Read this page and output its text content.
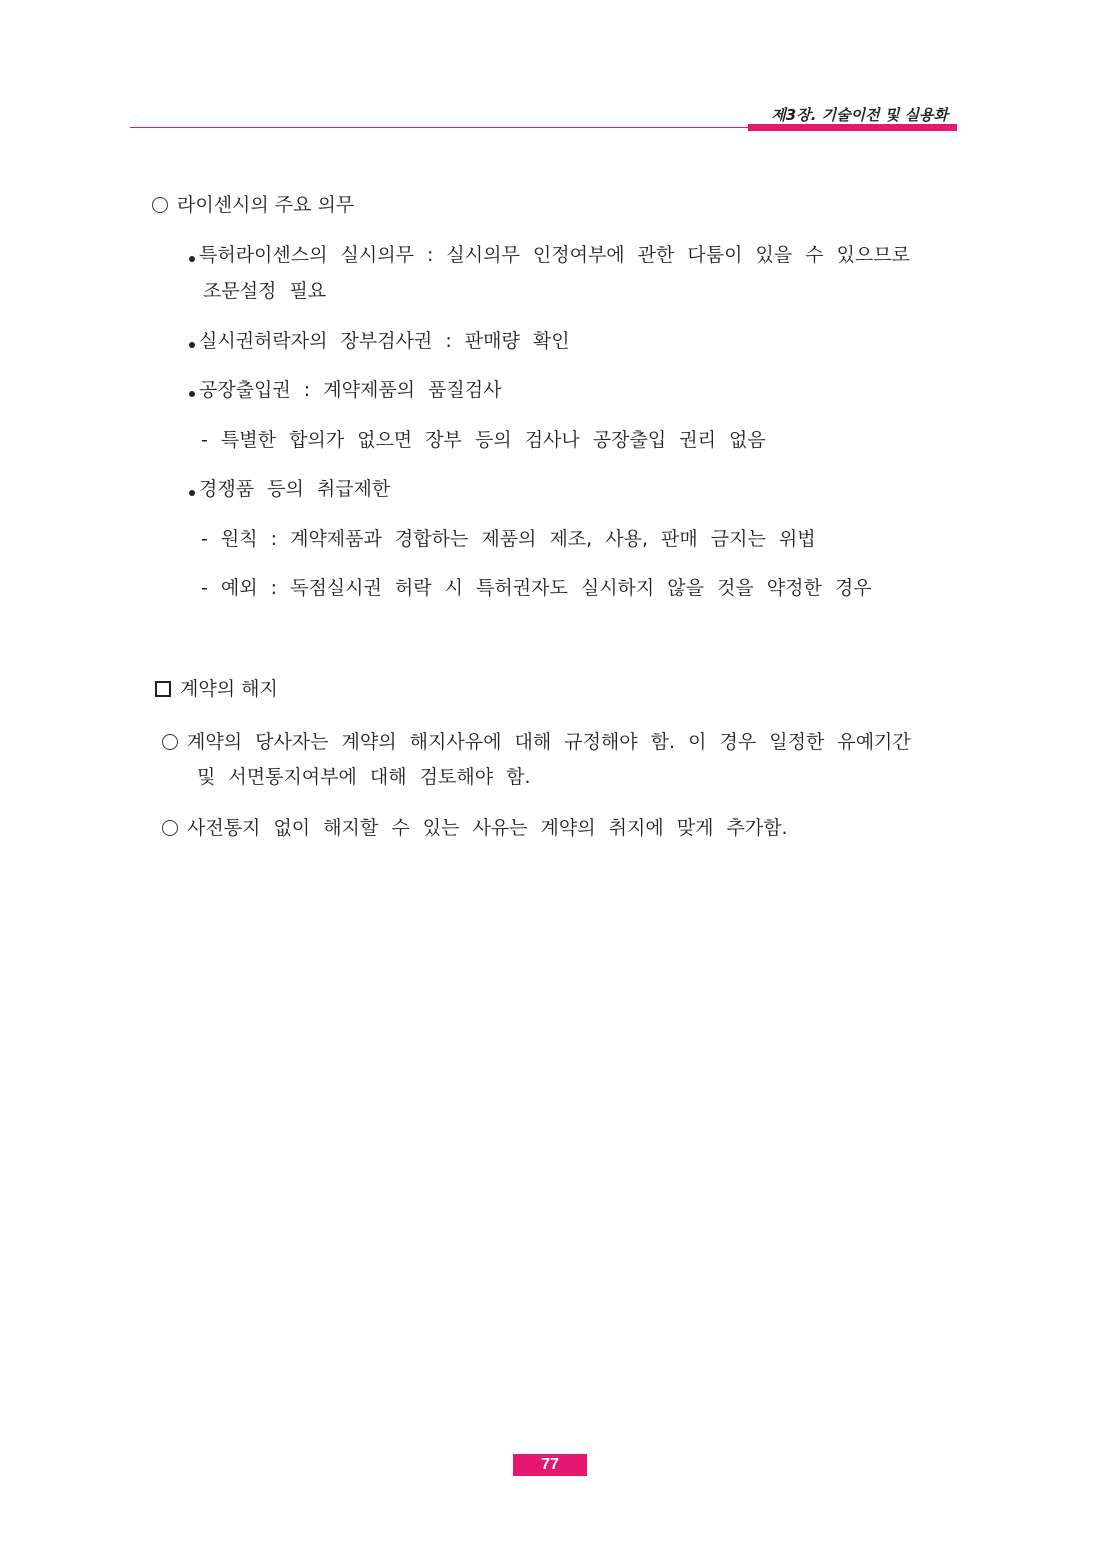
제3장. 기술이전 및 실용화
라이센시의 주요 의무
특허라이센스의 실시의무 : 실시의무 인정여부에 관한 다툼이 있을 수 있으므로
조문설정 필요
실시권허락자의 장부검사권 : 판매량 확인
공장출입권 : 계약제품의 품질검사
- 특별한 합의가 없으면 장부 등의 검사나 공장출입 권리 없음
경쟁품 등의 취급제한
- 원칙 : 계약제품과 경합하는 제품의 제조, 사용, 판매 금지는 위법
- 예외 : 독점실시권 허락 시 특허권자도 실시하지 않을 것을 약정한 경우
계약의 해지
계약의 당사자는 계약의 해지사유에 대해 규정해야 함. 이 경우 일정한 유예기간
및 서면통지여부에 대해 검토해야 함.
사전통지 없이 해지할 수 있는 사유는 계약의 취지에 맞게 추가함.
77
